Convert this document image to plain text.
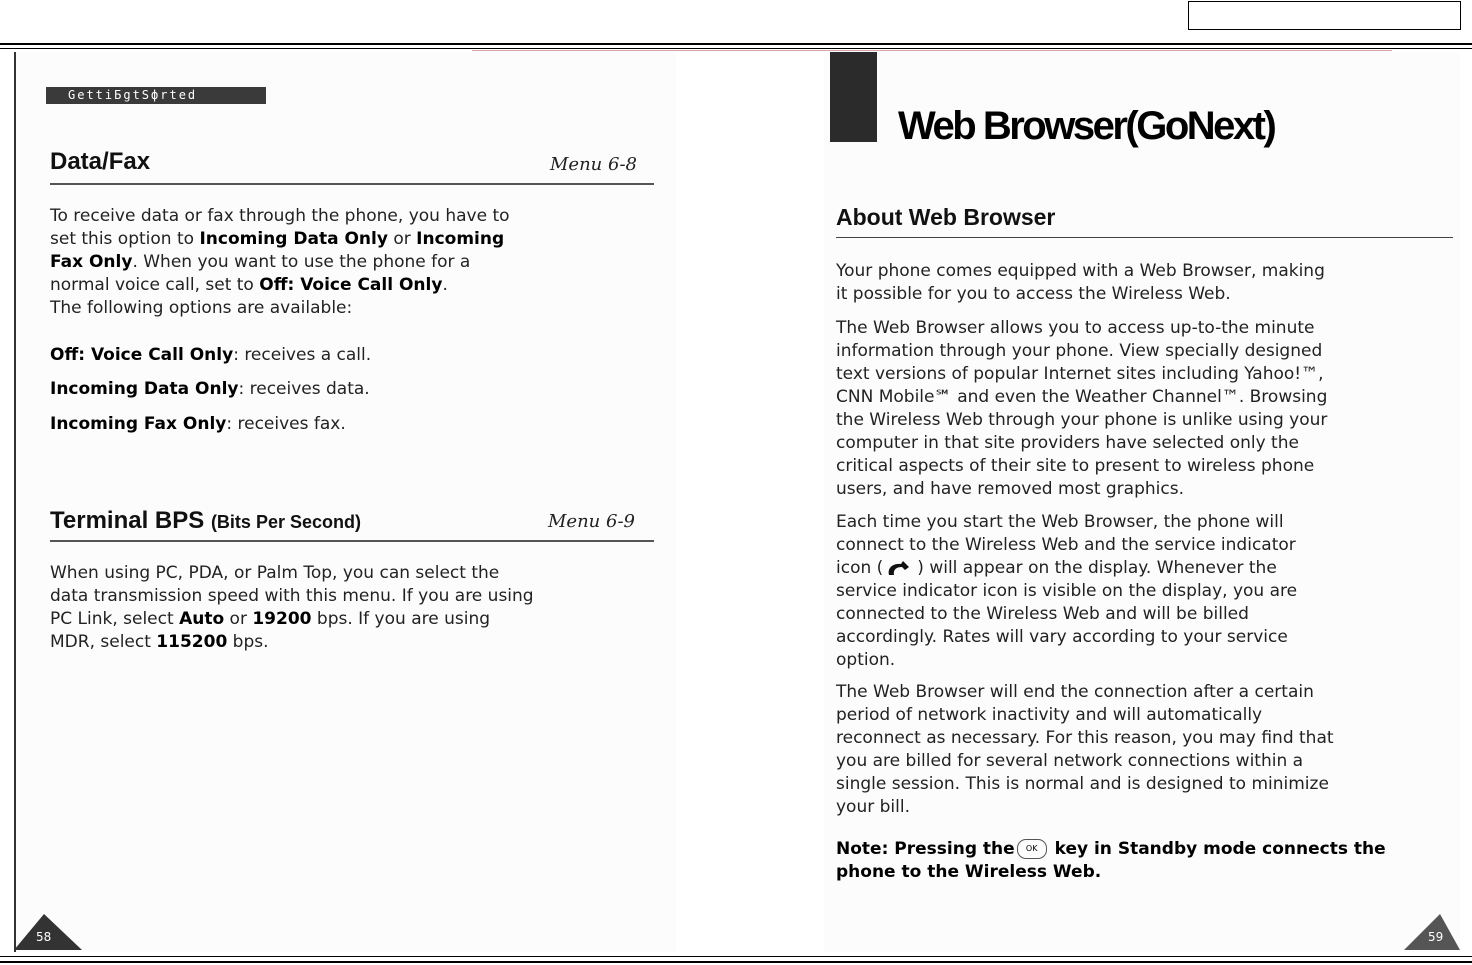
GettiБgtSфrted
Data/Fax	Menu 6-8
To receive data or fax through the phone, you have to
set this option to Incoming Data Only or Incoming
Fax Only. When you want to use the phone for a
normal voice call, set to Off: Voice Call Only.
The following options are available:
Off: Voice Call Only: receives a call.
Incoming Data Only: receives data.
Incoming Fax Only: receives fax.
Terminal BPS (Bits Per Second)	Menu 6-9
When using PC, PDA, or Palm Top, you can select the
data transmission speed with this menu. If you are using
PC Link, select Auto or 19200 bps. If you are using
MDR, select 115200 bps.
58
Web Browser(GoNext)
About Web Browser
Your phone comes equipped with a Web Browser, making
it possible for you to access the Wireless Web.
The Web Browser allows you to access up-to-the minute
information through your phone. View specially designed
text versions of popular Internet sites including Yahoo!™,
CNN Mobile℠ and even the Weather Channel™. Browsing
the Wireless Web through your phone is unlike using your
computer in that site providers have selected only the
critical aspects of their site to present to wireless phone
users, and have removed most graphics.
Each time you start the Web Browser, the phone will
connect to the Wireless Web and the service indicator
icon ( ) will appear on the display. Whenever the
service indicator icon is visible on the display, you are
connected to the Wireless Web and will be billed
accordingly. Rates will vary according to your service
option.
The Web Browser will end the connection after a certain
period of network inactivity and will automatically
reconnect as necessary. For this reason, you may find that
you are billed for several network connections within a
single session. This is normal and is designed to minimize
your bill.
Note: Pressing the OK key in Standby mode connects the
phone to the Wireless Web.
59
